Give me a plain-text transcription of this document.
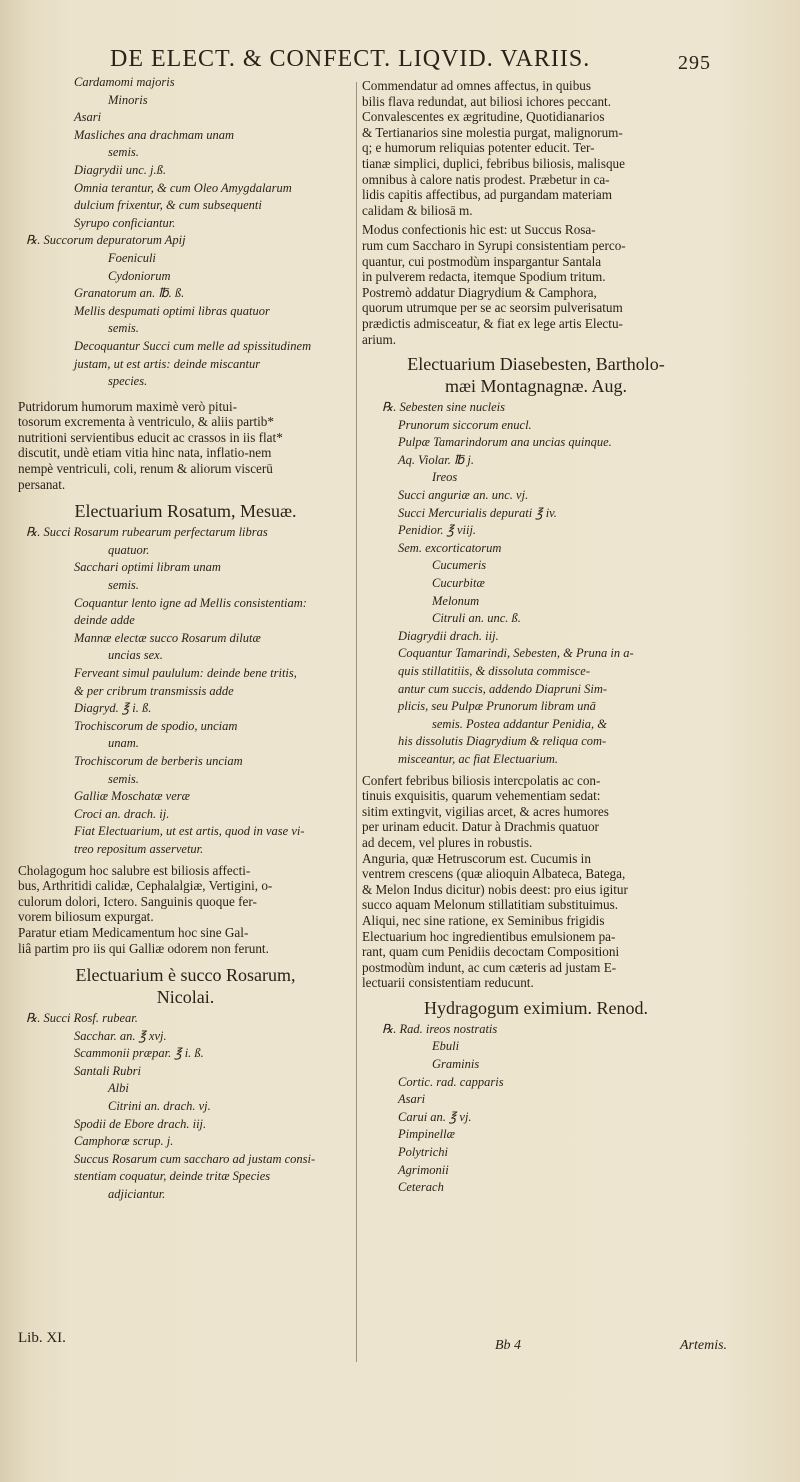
DE ELECT. & CONFECT. LIQVID. VARIIS.	295
Cardamomi majoris
Minoris
Asari
Masliches ana drachmam unam
semis.
Diagrydii unc. j.ß.
Omnia terantur, & cum Oleo Amygdalarum
dulcium frixentur, & cum subsequenti
Syrupo conficiantur.
℞. Succorum depuratorum Apij
Foeniculi
Cydoniorum
Granatorum an. ℔. ß.
Mellis despumati optimi libras quatuor
semis.
Decoquantur Succi cum melle ad spissitudinem
justam, ut est artis: deinde miscantur
species.
Putridorum humorum maximè verò pitui-
tosorum excrementa à ventriculo, & aliis partib*
nutritioni servientibus educit ac crassos in iis flat*
discutit, undè etiam vitia hinc nata, inflatio-nem
nempè ventriculi, coli, renum & aliorum viscerū
persanat.
Electuarium Rosatum, Mesuæ.
℞. Succi Rosarum rubearum perfectarum libras
quatuor.
Sacchari optimi libram unam
semis.
Coquantur lento igne ad Mellis consistentiam:
deinde adde
Mannæ electæ succo Rosarum dilutæ
uncias sex.
Ferveant simul paululum: deinde bene tritis,
& per cribrum transmissis adde
Diagryd. ℥ i. ß.
Trochiscorum de spodio, unciam
unam.
Trochiscorum de berberis unciam
semis.
Galliæ Moschatæ veræ
Croci an. drach. ij.
Fiat Electuarium, ut est artis, quod in vase vi-
treo repositum asservetur.
Cholagogum hoc salubre est biliosis affecti-
bus, Arthritidi calidæ, Cephalalgiæ, Vertigini, o-
culorum dolori, Ictero. Sanguinis quoque fer-
vorem biliosum expurgat.
Paratur etiam Medicamentum hoc sine Gal-
liâ partim pro iis qui Galliæ odorem non ferunt.
Electuarium è succo Rosarum,
Nicolai.
℞. Succi Rosf. rubear.
Sacchar. an. ℥ xvj.
Scammonii præpar. ℥ i. ß.
Santali Rubri
Albi
Citrini an. drach. vj.
Spodii de Ebore drach. iij.
Camphoræ scrup. j.
Succus Rosarum cum saccharo ad justam consi-
stentiam coquatur, deinde tritæ Species
adjiciantur.
Commendatur ad omnes affectus, in quibus
bilis flava redundat, aut biliosi ichores peccant.
Convalescentes ex ægritudine, Quotidianarios
& Tertianarios sine molestia purgat, malignorum-
q; e humorum reliquias potenter educit. Ter-
tianæ simplici, duplici, febribus biliosis, malisque
omnibus à calore natis prodest. Præbetur in ca-
lidis capitis affectibus, ad purgandam materiam
calidam & biliosā m.
Modus confectionis hic est: ut Succus Rosa-
rum cum Saccharo in Syrupi consistentiam perco-
quantur, cui postmodùm inspargantur Santala
in pulverem redacta, itemque Spodium tritum.
Postremò addatur Diagrydium & Camphora,
quorum utrumque per se ac seorsim pulverisatum
prædictis admisceatur, & fiat ex lege artis Electu-
arium.
Electuarium Diasebesten, Bartholo-
mæi Montagnagnæ. Aug.
℞. Sebesten sine nucleis
Prunorum siccorum enucl.
Pulpæ Tamarindorum ana uncias quinque.
Aq. Violar. ℔ j.
Ireos
Succi anguriæ an. unc. vj.
Succi Mercurialis depurati ℥ iv.
Penidior. ℥ viij.
Sem. excorticatorum
Cucumeris
Cucurbitæ
Melonum
Citruli an. unc. ß.
Diagrydii drach. iij.
Coquantur Tamarindi, Sebesten, & Pruna in a-
quis stillatitiis, & dissoluta commisce-
antur cum succis, addendo Diapruni Sim-
plicis, seu Pulpæ Prunorum libram unā
semis. Postea addantur Penidia, &
his dissolutis Diagrydium & reliqua com-
misceantur, ac fiat Electuarium.
Confert febribus biliosis intercpolatis ac con-
tinuis exquisitis, quarum vehementiam sedat:
sitim extingvit, vigilias arcet, & acres humores
per urinam educit. Datur à Drachmis quatuor
ad decem, vel plures in robustis.
Anguria, quæ Hetruscorum est. Cucumis in
ventrem crescens (quæ alioquin Albateca, Batega,
& Melon Indus dicitur) nobis deest: pro eius igitur
succo aquam Melonum stillatitiam substituimus.
Aliqui, nec sine ratione, ex Seminibus frigidis
Electuarium hoc ingredientibus emulsionem pa-
rant, quam cum Penidiis decoctam Compositioni
postmodùm indunt, ac cum cæteris ad justam E-
lectuarii consistentiam reducunt.
Hydragogum eximium. Renod.
℞. Rad. ireos nostratis
Ebuli
Graminis
Cortic. rad. capparis
Asari
Carui an. ℥ vj.
Pimpinellæ
Polytrichi
Agrimonii
Ceterach
Lib. XI.	Bb 4	Artemis.
